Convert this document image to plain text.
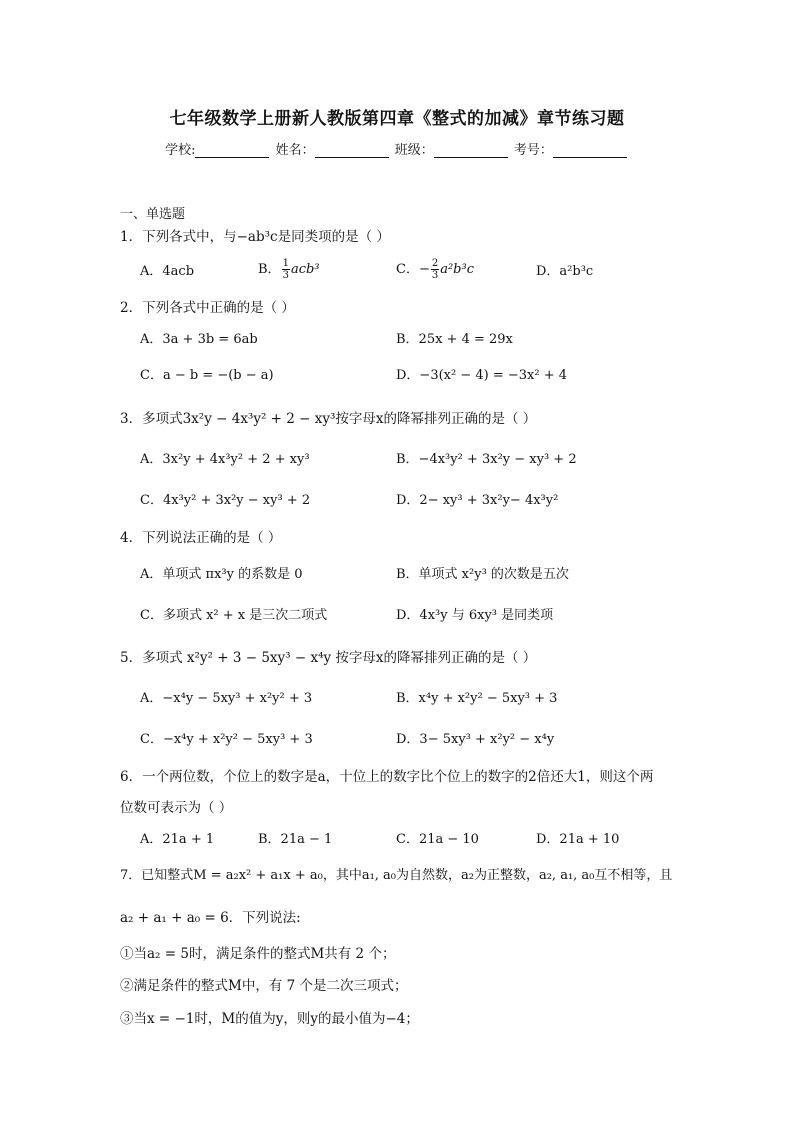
七年级数学上册新人教版第四章《整式的加减》章节练习题
学校:	姓名：	班级：	考号：
一、单选题
1．下列各式中，与−ab³c是同类项的是（ ）
A．4acb	B． $\frac{1}{3} acb^3$	C．− $\frac{2}{3} a^2b^3c$	D．a²b³c
2．下列各式中正确的是（ ）
A．3a + 3b = 6ab	B．25x + 4 = 29x
C．a − b = −(b − a)	D．−3(x² − 4) = −3x² + 4
3．多项式3x²y − 4x³y² + 2 − xy³按字母x的降幂排列正确的是（ ）
A．3x²y + 4x³y² + 2 + xy³	B．−4x³y² + 3x²y − xy³ + 2
C．4x³y² + 3x²y − xy³ + 2	D．2− xy³ + 3x²y− 4x³y²
4．下列说法正确的是（ ）
A．单项式 πx³y 的系数是 0	B．单项式 x²y³ 的次数是五次
C．多项式 x² + x 是三次二项式	D．4x³y 与 6xy³ 是同类项
5．多项式 x²y² + 3 − 5xy³ − x⁴y 按字母x的降幂排列正确的是（ ）
A．−x⁴y − 5xy³ + x²y² + 3	B．x⁴y + x²y² − 5xy³ + 3
C．−x⁴y + x²y² − 5xy³ + 3	D．3− 5xy³ + x²y² − x⁴y
6．一个两位数，个位上的数字是a，十位上的数字比个位上的数字的2倍还大1，则这个两
位数可表示为（ ）
A．21a + 1	B．21a − 1	C．21a − 10	D．21a + 10
7．已知整式M = a₂x² + a₁x + a₀，其中a₁, a₀为自然数，a₂为正整数，a₂, a₁, a₀互不相等，且
a₂ + a₁ + a₀ = 6．下列说法:
①当a₂ = 5时，满足条件的整式M共有 2 个；
②满足条件的整式M中，有 7 个是二次三项式；
③当x = −1时，M的值为y，则y的最小值为−4；
